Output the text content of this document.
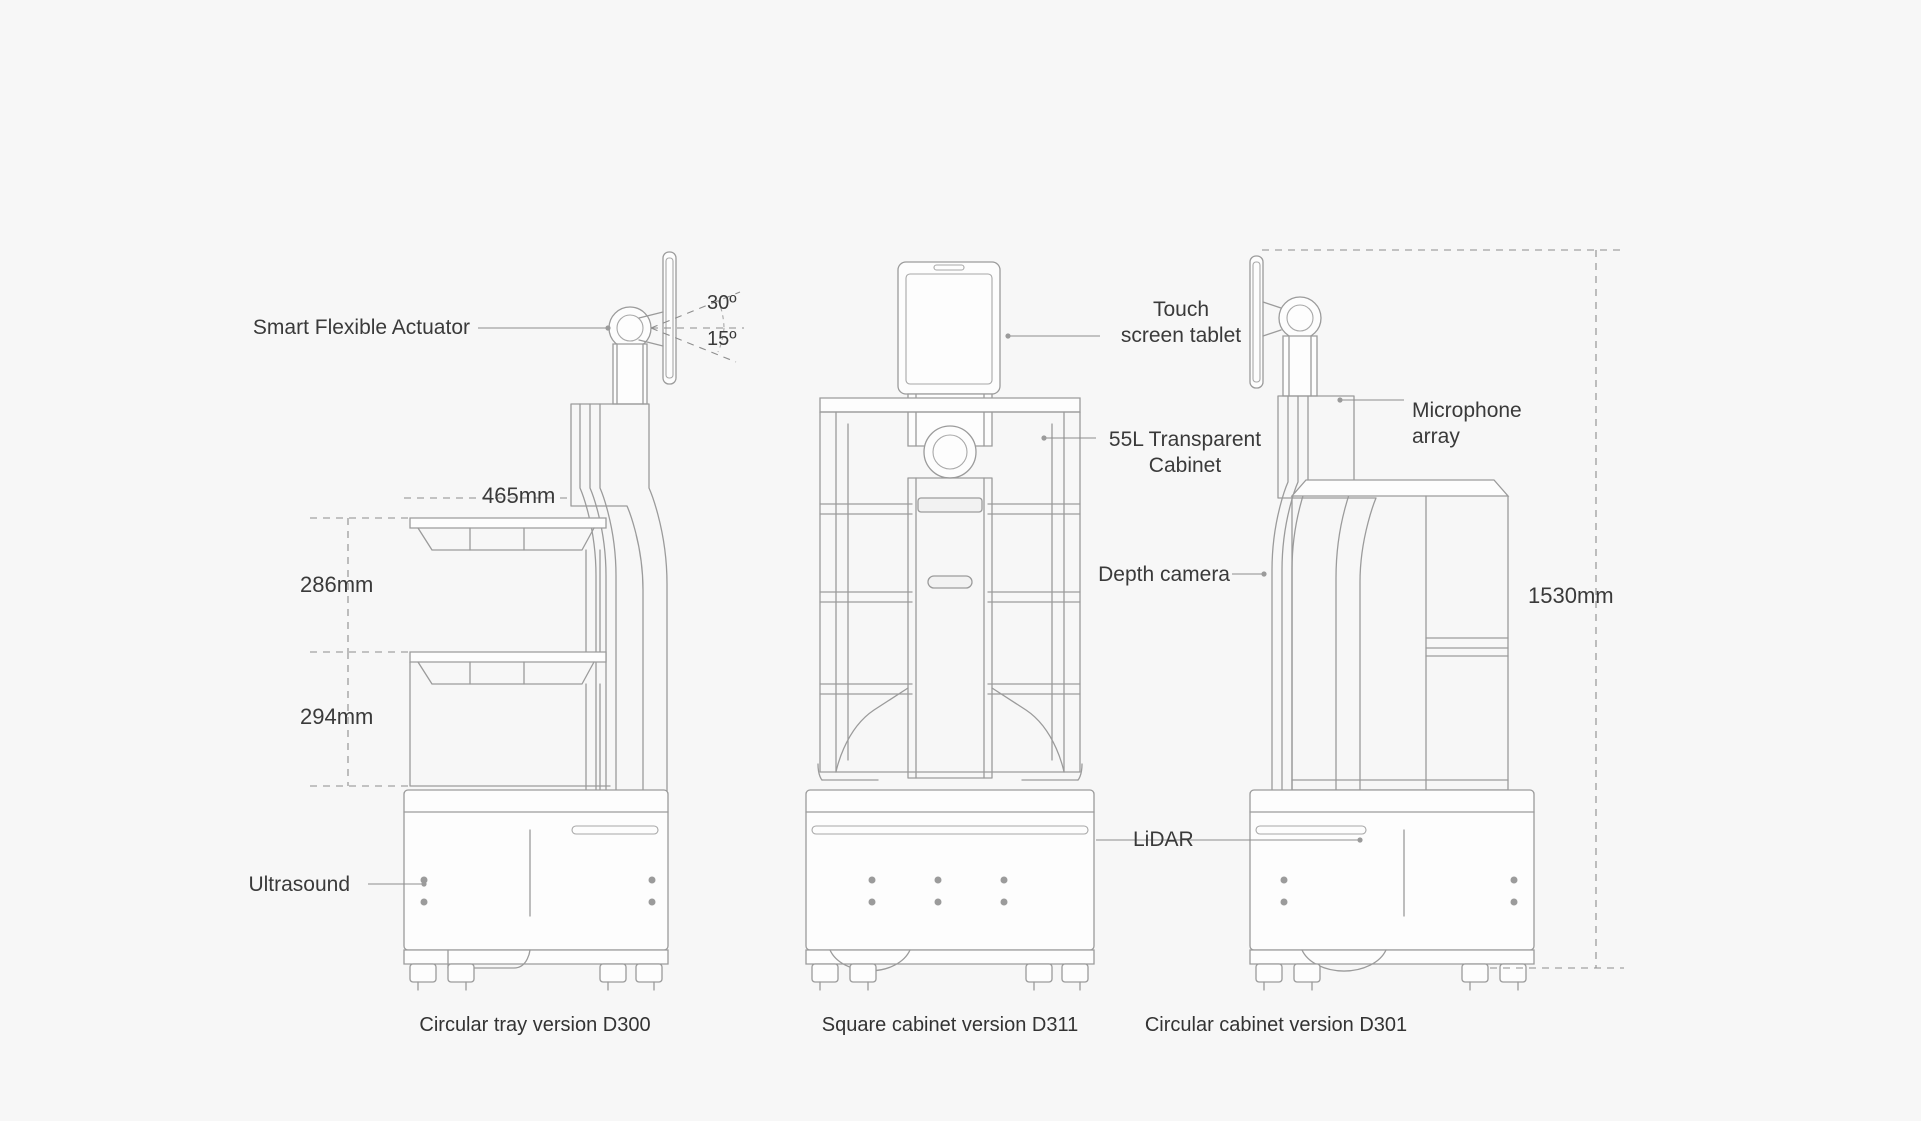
Smart Flexible Actuator
Ultrasound
Touch
screen tablet
55L Transparent
Cabinet
Depth camera
LiDAR
Microphone
array
465mm
286mm
294mm
1530mm
30º
15º
Circular tray version D300	Square cabinet version D311	Circular cabinet version D301
